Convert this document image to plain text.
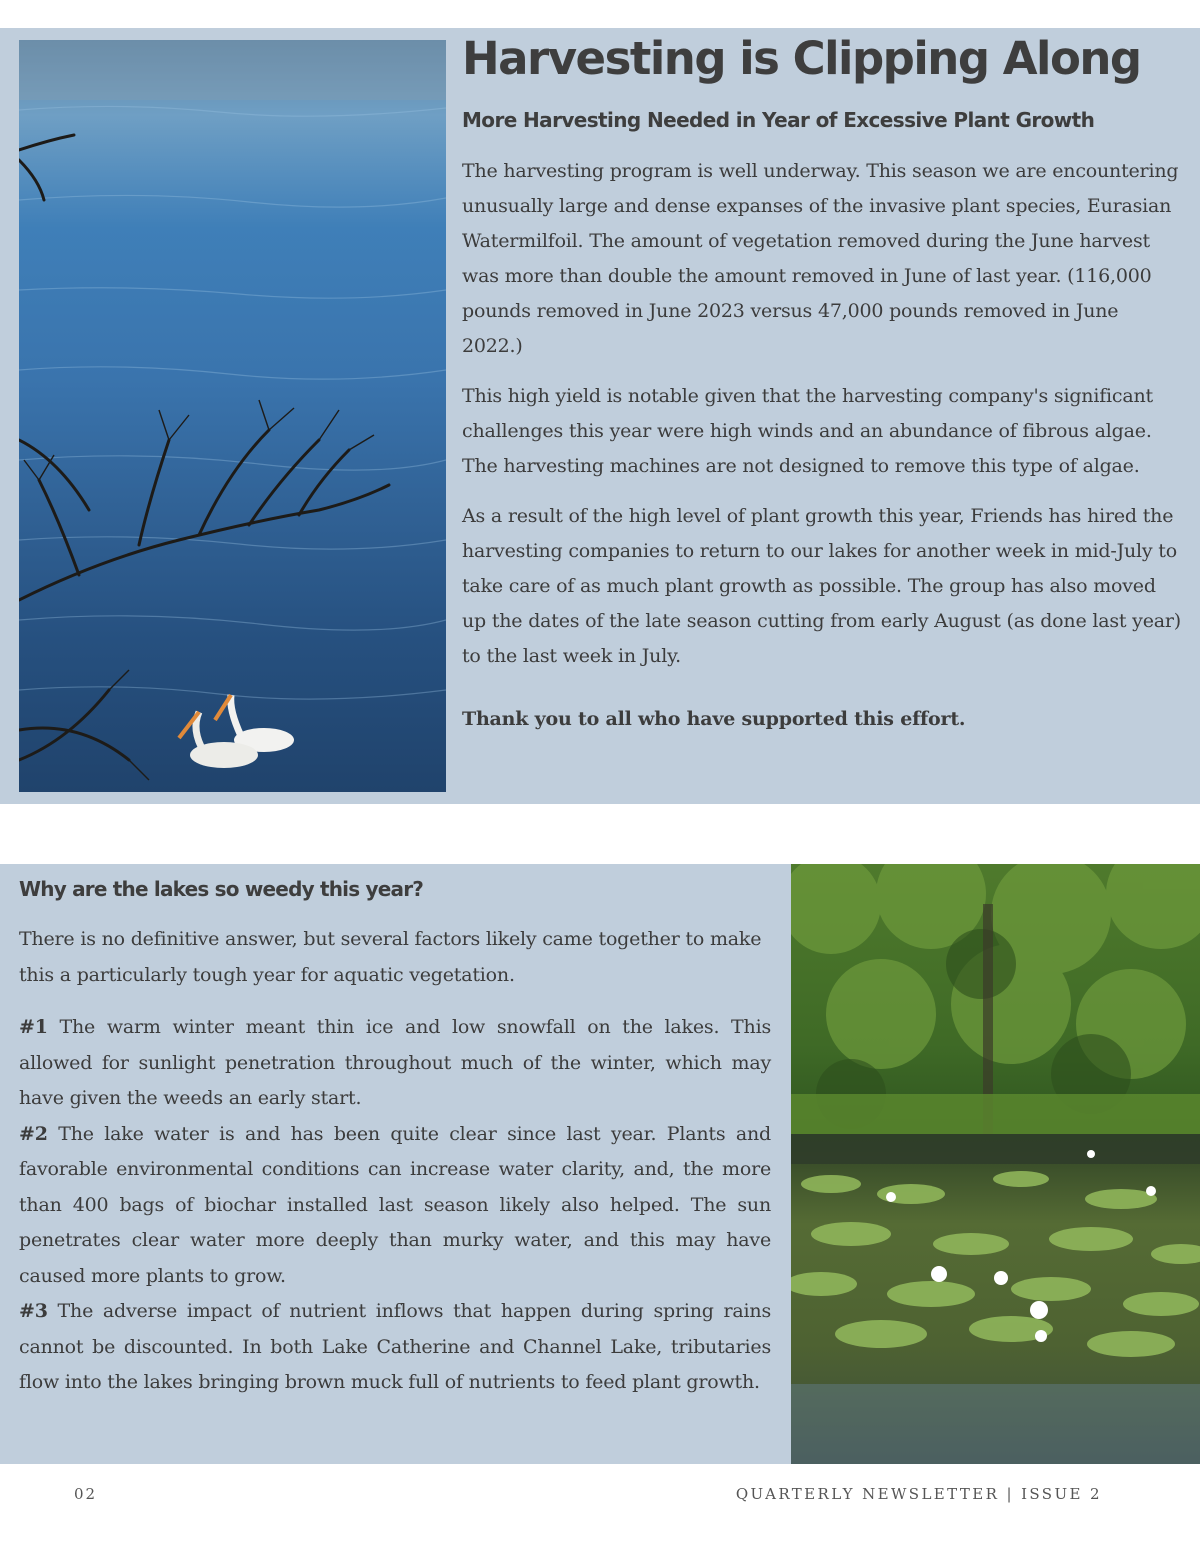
Harvesting is Clipping Along
More Harvesting Needed in Year of Excessive Plant Growth

The harvesting program is well underway. This season we are encountering unusually large and dense expanses of the invasive plant species, Eurasian Watermilfoil. The amount of vegetation removed during the June harvest was more than double the amount removed in June of last year. (116,000 pounds removed in June 2023 versus 47,000 pounds removed in June 2022.)

This high yield is notable given that the harvesting company's significant challenges this year were high winds and an abundance of fibrous algae. The harvesting machines are not designed to remove this type of algae.

As a result of the high level of plant growth this year, Friends has hired the harvesting companies to return to our lakes for another week in mid-July to take care of as much plant growth as possible. The group has also moved up the dates of the late season cutting from early August (as done last year) to the last week in July.

Thank you to all who have supported this effort.

Why are the lakes so weedy this year?

There is no definitive answer, but several factors likely came together to make this a particularly tough year for aquatic vegetation.

#1 The warm winter meant thin ice and low snowfall on the lakes. This allowed for sunlight penetration throughout much of the winter, which may have given the weeds an early start.

#2 The lake water is and has been quite clear since last year. Plants and favorable environmental conditions can increase water clarity, and, the more than 400 bags of biochar installed last season likely also helped. The sun penetrates clear water more deeply than murky water, and this may have caused more plants to grow.

#3 The adverse impact of nutrient inflows that happen during spring rains cannot be discounted. In both Lake Catherine and Channel Lake, tributaries flow into the lakes bringing brown muck full of nutrients to feed plant growth.

02	QUARTERLY NEWSLETTER | ISSUE 2
